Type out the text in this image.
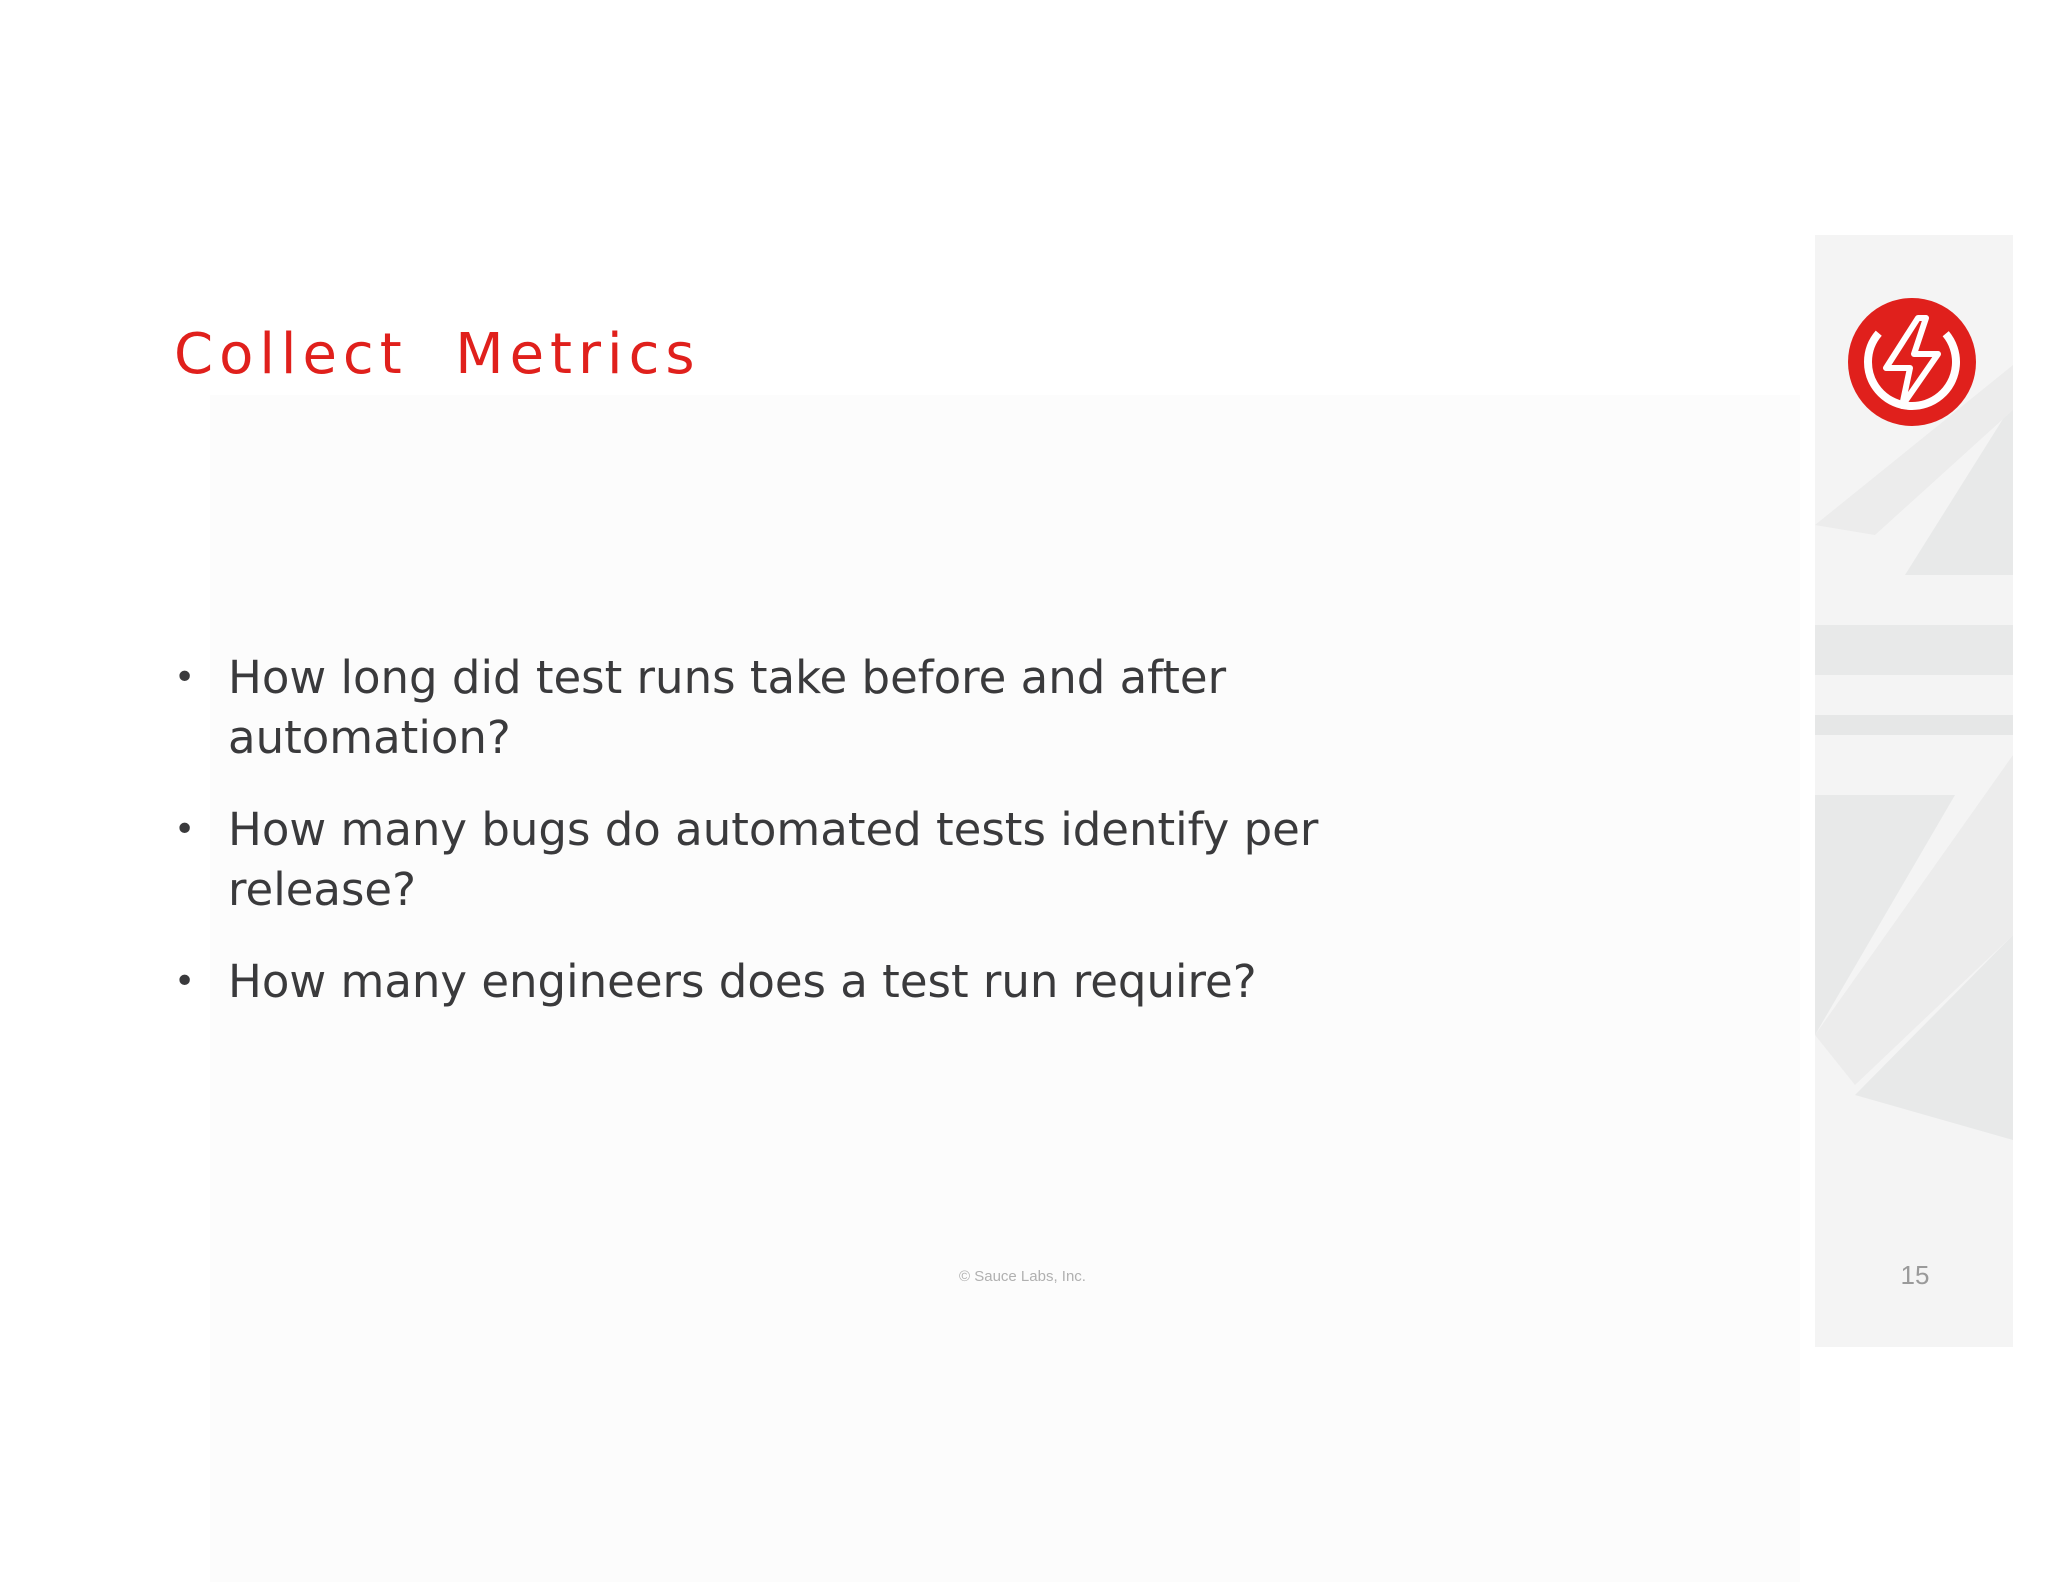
Collect  Metrics
• How long did test runs take before and after automation?
• How many bugs do automated tests identify per release?
• How many engineers does a test run require?
© Sauce Labs, Inc.	15
